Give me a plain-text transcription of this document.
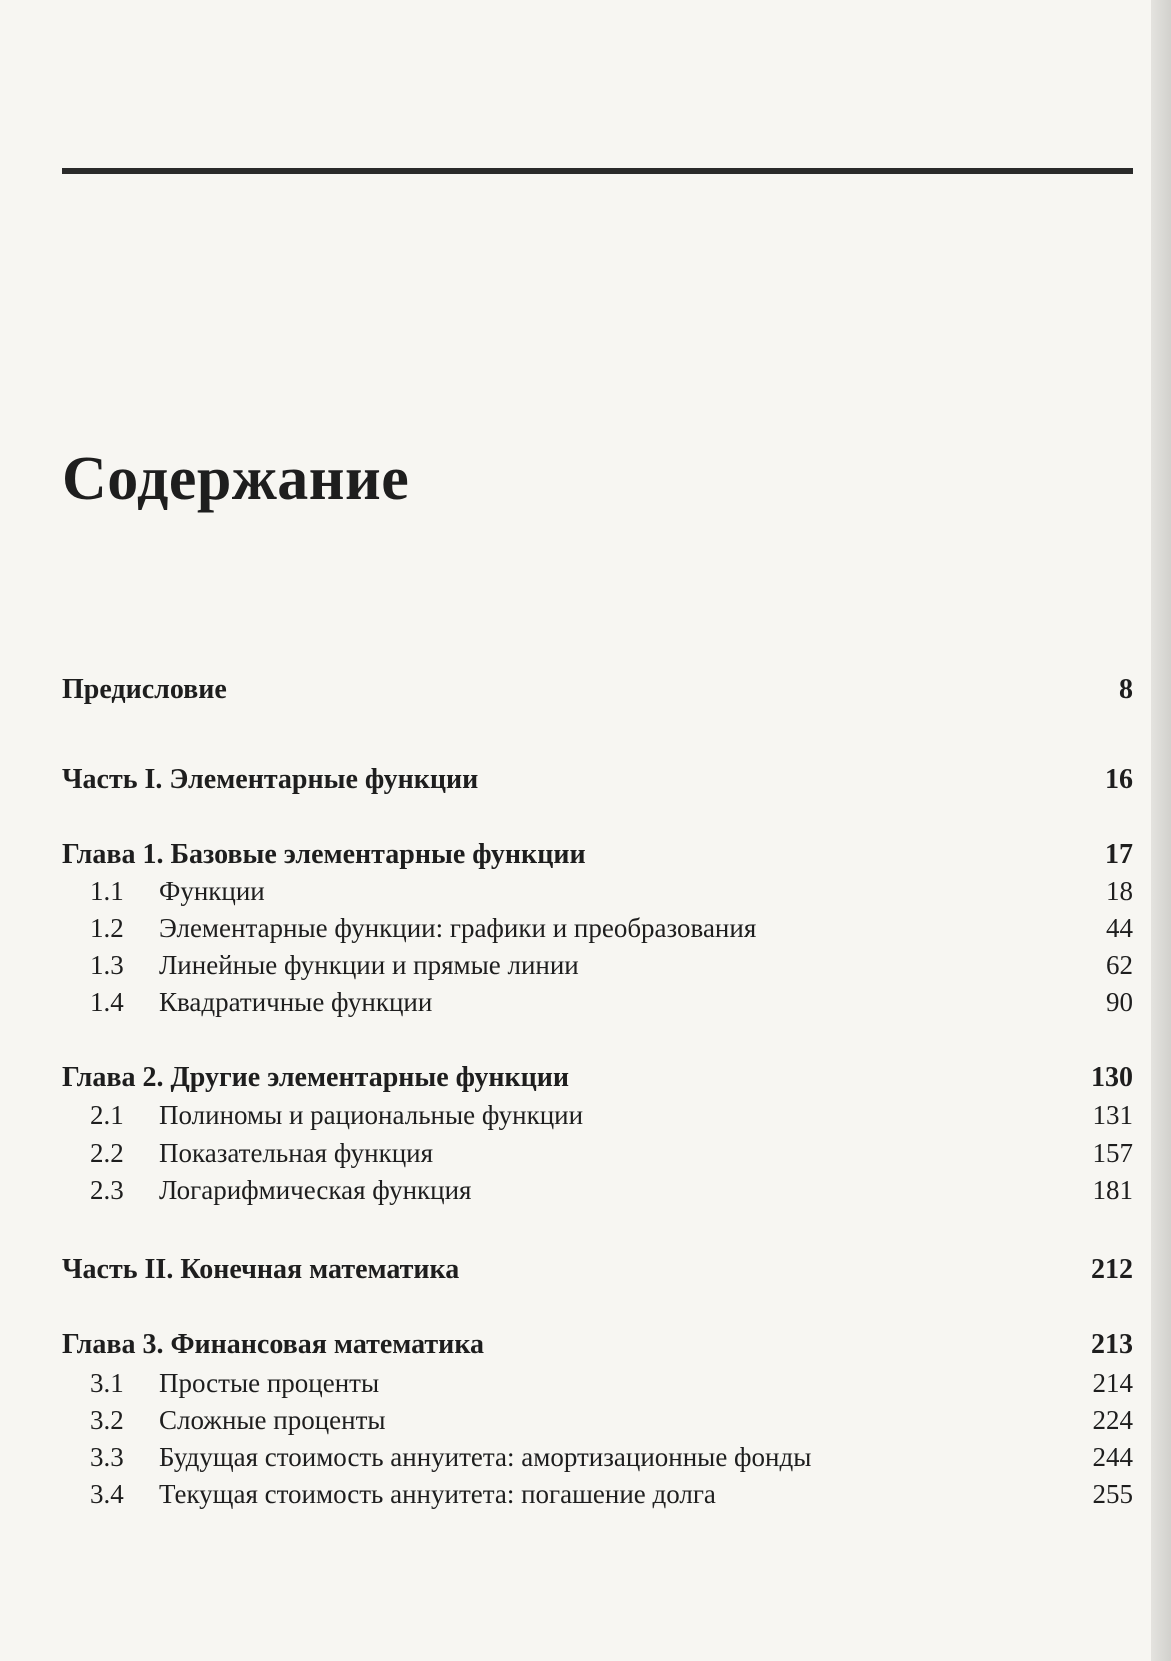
Содержание
Предисловие	8
Часть I. Элементарные функции	16
Глава 1. Базовые элементарные функции	17
1.1 Функции	18
1.2 Элементарные функции: графики и преобразования	44
1.3 Линейные функции и прямые линии	62
1.4 Квадратичные функции	90
Глава 2. Другие элементарные функции	130
2.1 Полиномы и рациональные функции	131
2.2 Показательная функция	157
2.3 Логарифмическая функция	181
Часть II. Конечная математика	212
Глава 3. Финансовая математика	213
3.1 Простые проценты	214
3.2 Сложные проценты	224
3.3 Будущая стоимость аннуитета: амортизационные фонды	244
3.4 Текущая стоимость аннуитета: погашение долга	255
